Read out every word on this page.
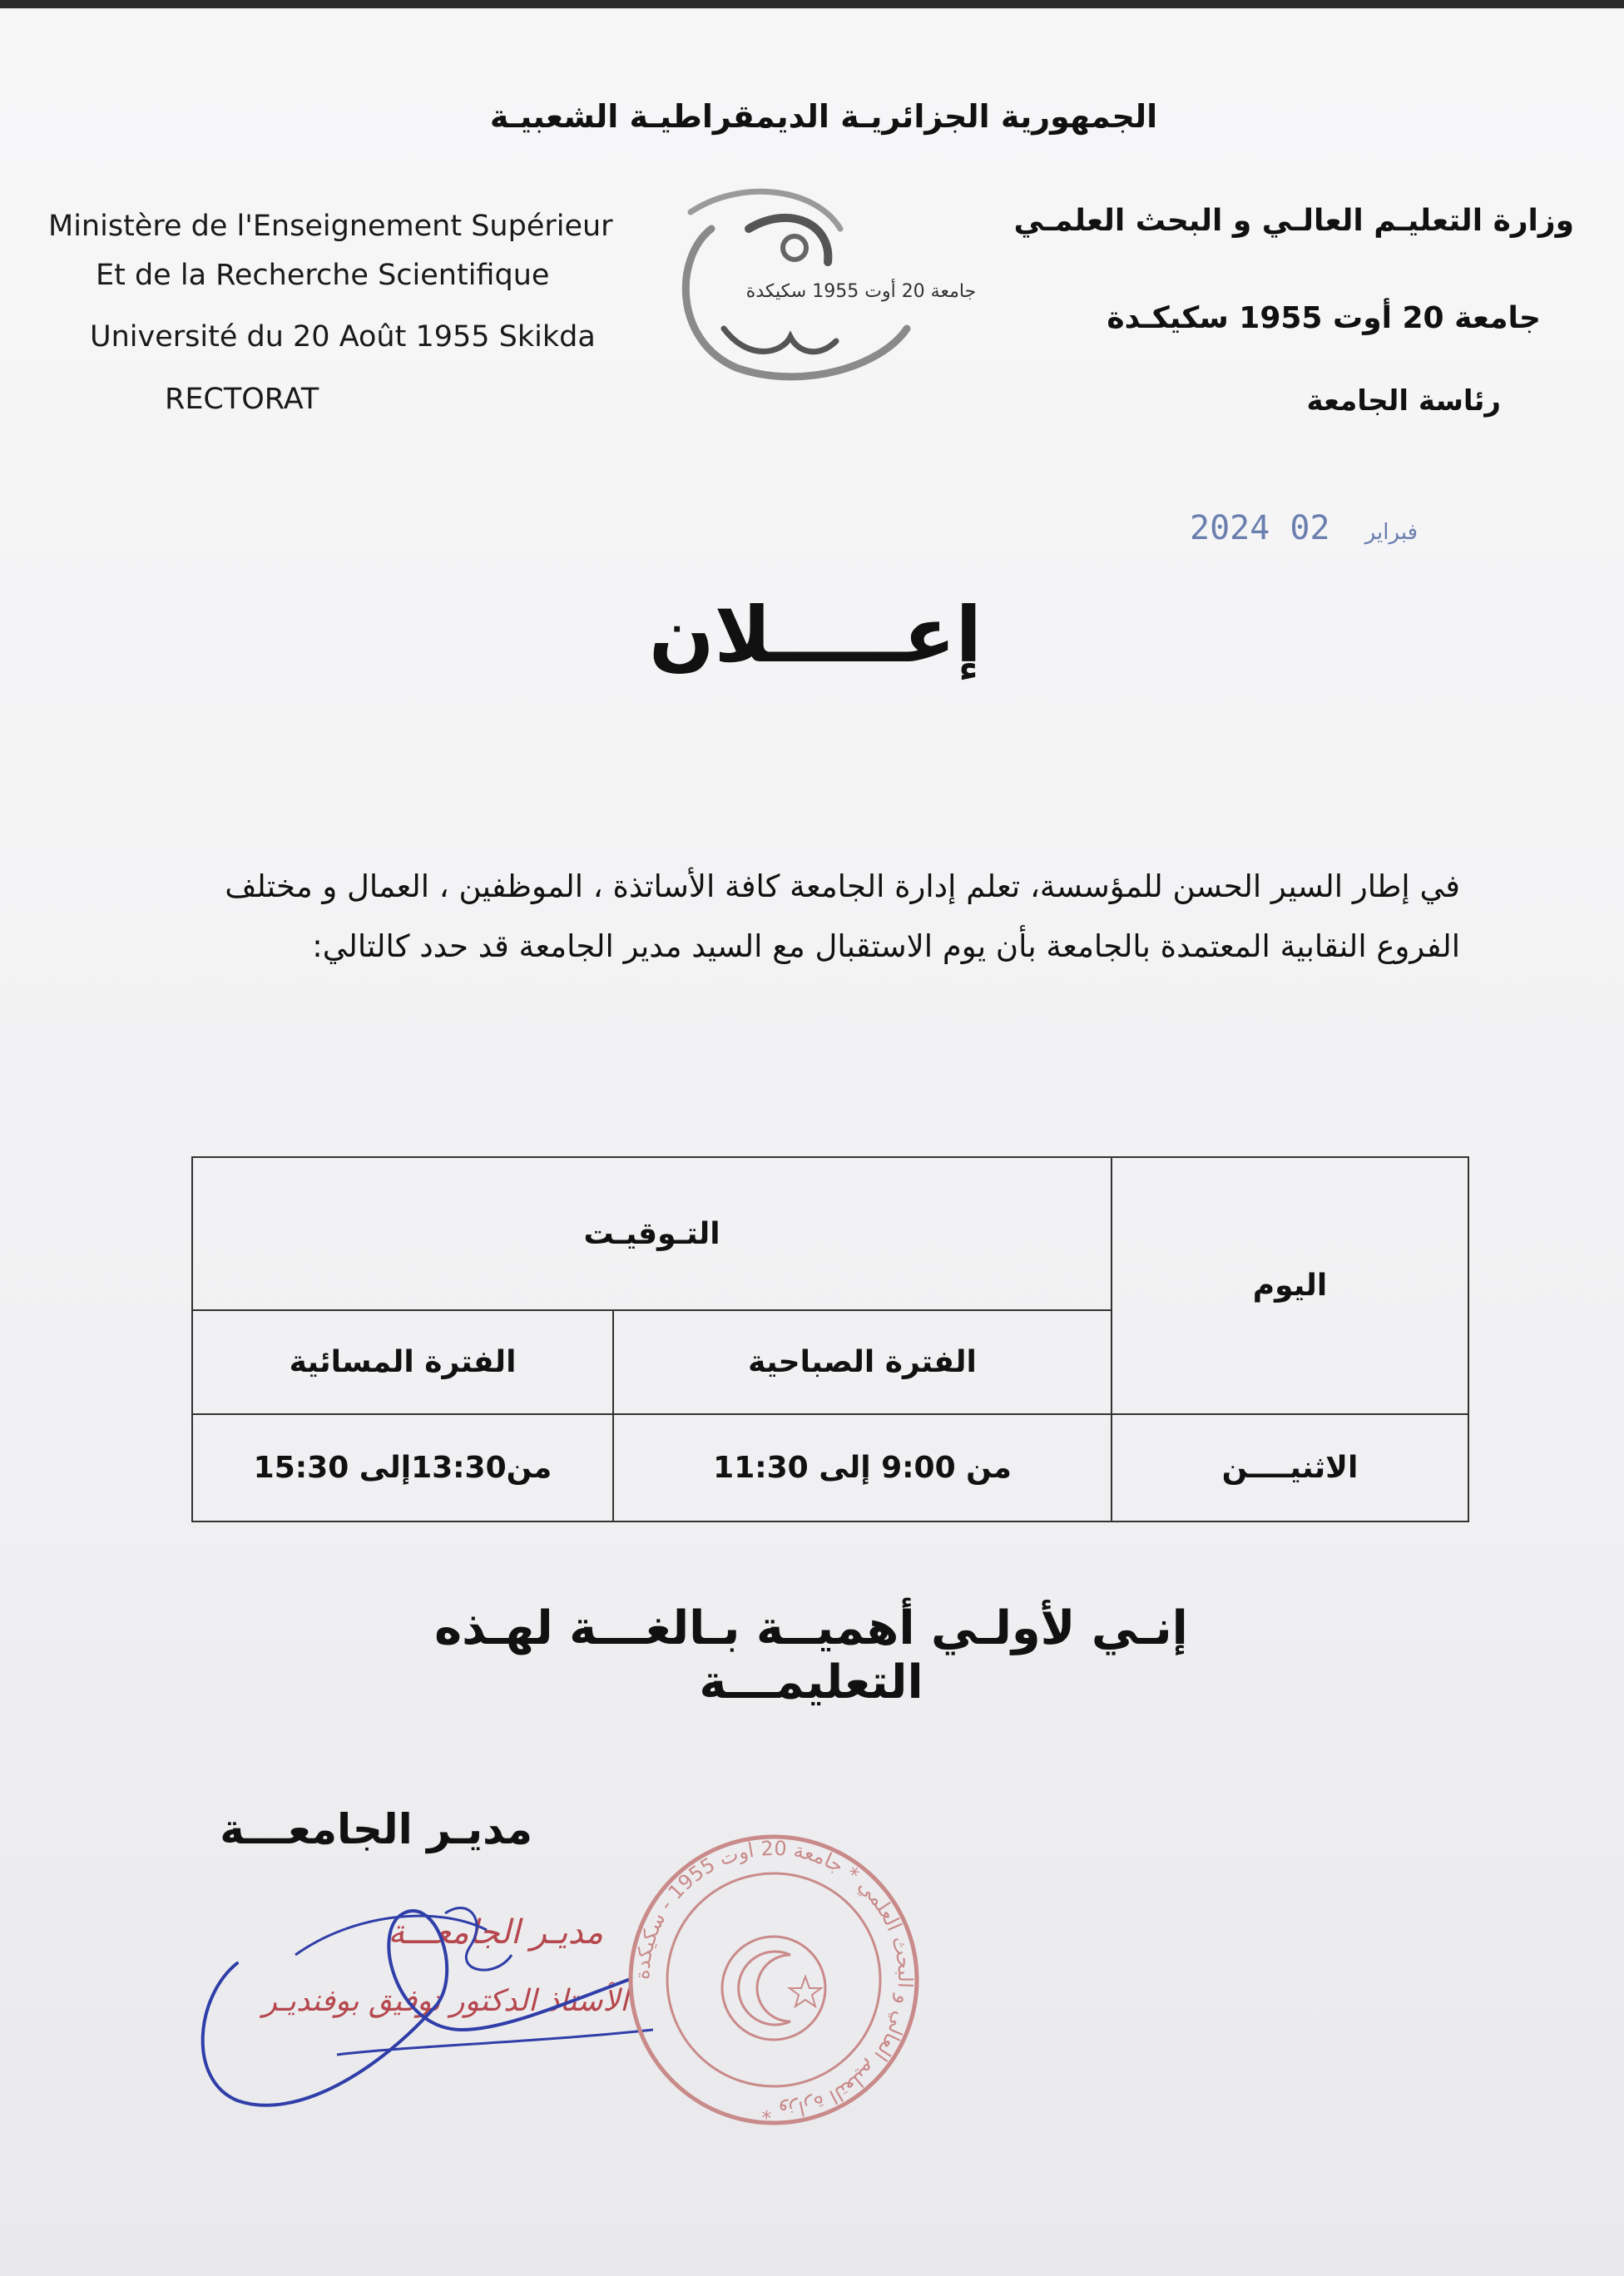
الجمهورية الجزائريـة الديمقراطيـة الشعبيـة
وزارة التعليـم العالـي و البحث العلمـي
جامعة 20 أوت 1955 سكيكـدة
رئاسة الجامعة
Ministère de l'Enseignement Supérieur
Et de la Recherche Scientifique
Université du 20 Août 1955 Skikda
RECTORAT
جامعة 20 أوت 1955 سكيكدة
2024	فبراير 02
إعـــــلان
في إطار السير الحسن للمؤسسة، تعلم إدارة الجامعة كافة الأساتذة ، الموظفين ، العمال و مختلف الفروع النقابية المعتمدة بالجامعة بأن يوم الاستقبال مع السيد مدير الجامعة قد حدد كالتالي:
اليوم	التـوقيـت	
	الفترة الصباحية	الفترة المسائية
الاثنيــــن	من 9:00 إلى 11:30	من13:30إلى 15:30
إنـي لأولـي أهميــة بـالغـــة لهـذه التعليمـــة
مديـر الجامعـــة
مديـر الجامعـــة
الأستاذ الدكتور توفيق بوفنديـر
وزارة التعليم العالي و البحث العلمي * جامعة 20 أوت 1955 - سكيكدة *
